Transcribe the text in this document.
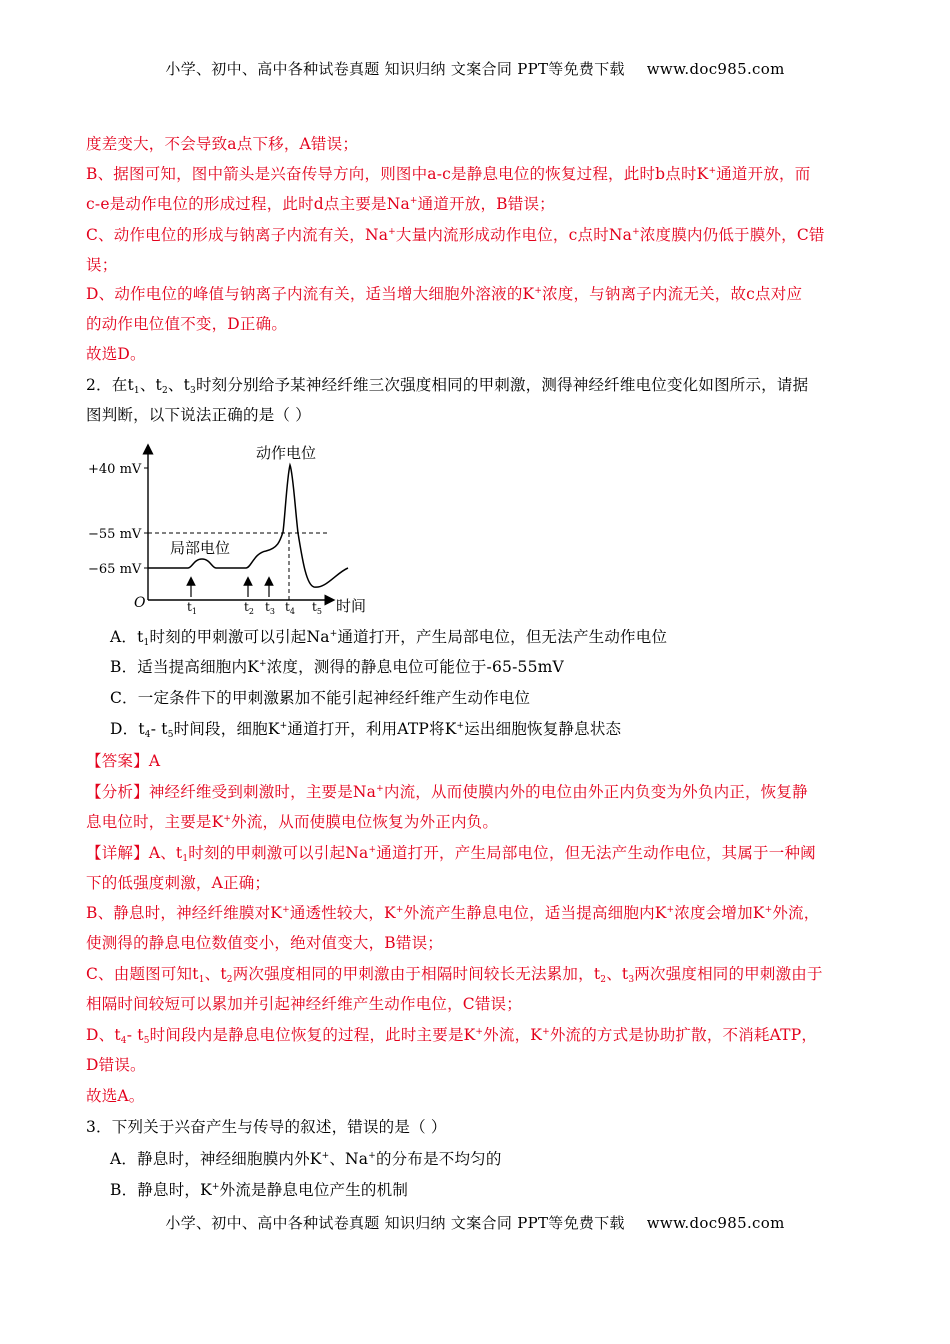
小学、初中、高中各种试卷真题 知识归纳 文案合同 PPT等免费下载 www.doc985.com
度差变大，不会导致a点下移，A错误；
B、据图可知，图中箭头是兴奋传导方向，则图中a-c是静息电位的恢复过程，此时b点时K+通道开放，而
c-e是动作电位的形成过程，此时d点主要是Na+通道开放，B错误；
C、动作电位的形成与钠离子内流有关，Na+大量内流形成动作电位，c点时Na+浓度膜内仍低于膜外，C错
误；
D、动作电位的峰值与钠离子内流有关，适当增大细胞外溶液的K+浓度，与钠离子内流无关，故c点对应
的动作电位值不变，D正确。
故选D。
2．在$t_1$、$t_2$、$t_3$时刻分别给予某神经纤维三次强度相同的甲刺激，测得神经纤维电位变化如图所示，请据
图判断，以下说法正确的是（ ）
动作电位
局部电位
+40 mV
−55 mV
−65 mV
O	时间
$t_1$	$t_2$ $t_3$ $t_4$ $t_5$
A．$t_1$时刻的甲刺激可以引起Na+通道打开，产生局部电位，但无法产生动作电位
B．适当提高细胞内K+浓度，测得的静息电位可能位于-65-55mV
C．一定条件下的甲刺激累加不能引起神经纤维产生动作电位
D．$t_4-$ $t_5$时间段，细胞K+通道打开，利用ATP将K+运出细胞恢复静息状态
【答案】A
【分析】神经纤维受到刺激时，主要是Na+内流，从而使膜内外的电位由外正内负变为外负内正，恢复静
息电位时，主要是K+外流，从而使膜电位恢复为外正内负。
【详解】A、$t_1$时刻的甲刺激可以引起Na+通道打开，产生局部电位，但无法产生动作电位，其属于一种阈
下的低强度刺激，A正确；
B、静息时，神经纤维膜对K+通透性较大，K+外流产生静息电位，适当提高细胞内K+浓度会增加K+外流，
使测得的静息电位数值变小，绝对值变大，B错误；
C、由题图可知$t_1$、$t_2$两次强度相同的甲刺激由于相隔时间较长无法累加，$t_2$、$t_3$两次强度相同的甲刺激由于
相隔时间较短可以累加并引起神经纤维产生动作电位，C错误；
D、$t_4-$ $t_5$时间段内是静息电位恢复的过程，此时主要是K+外流，K+外流的方式是协助扩散，不消耗ATP，
D错误。
故选A。
3．下列关于兴奋产生与传导的叙述，错误的是（ ）
A．静息时，神经细胞膜内外K+、Na+的分布是不均匀的
B．静息时，K+外流是静息电位产生的机制
小学、初中、高中各种试卷真题 知识归纳 文案合同 PPT等免费下载 www.doc985.com
